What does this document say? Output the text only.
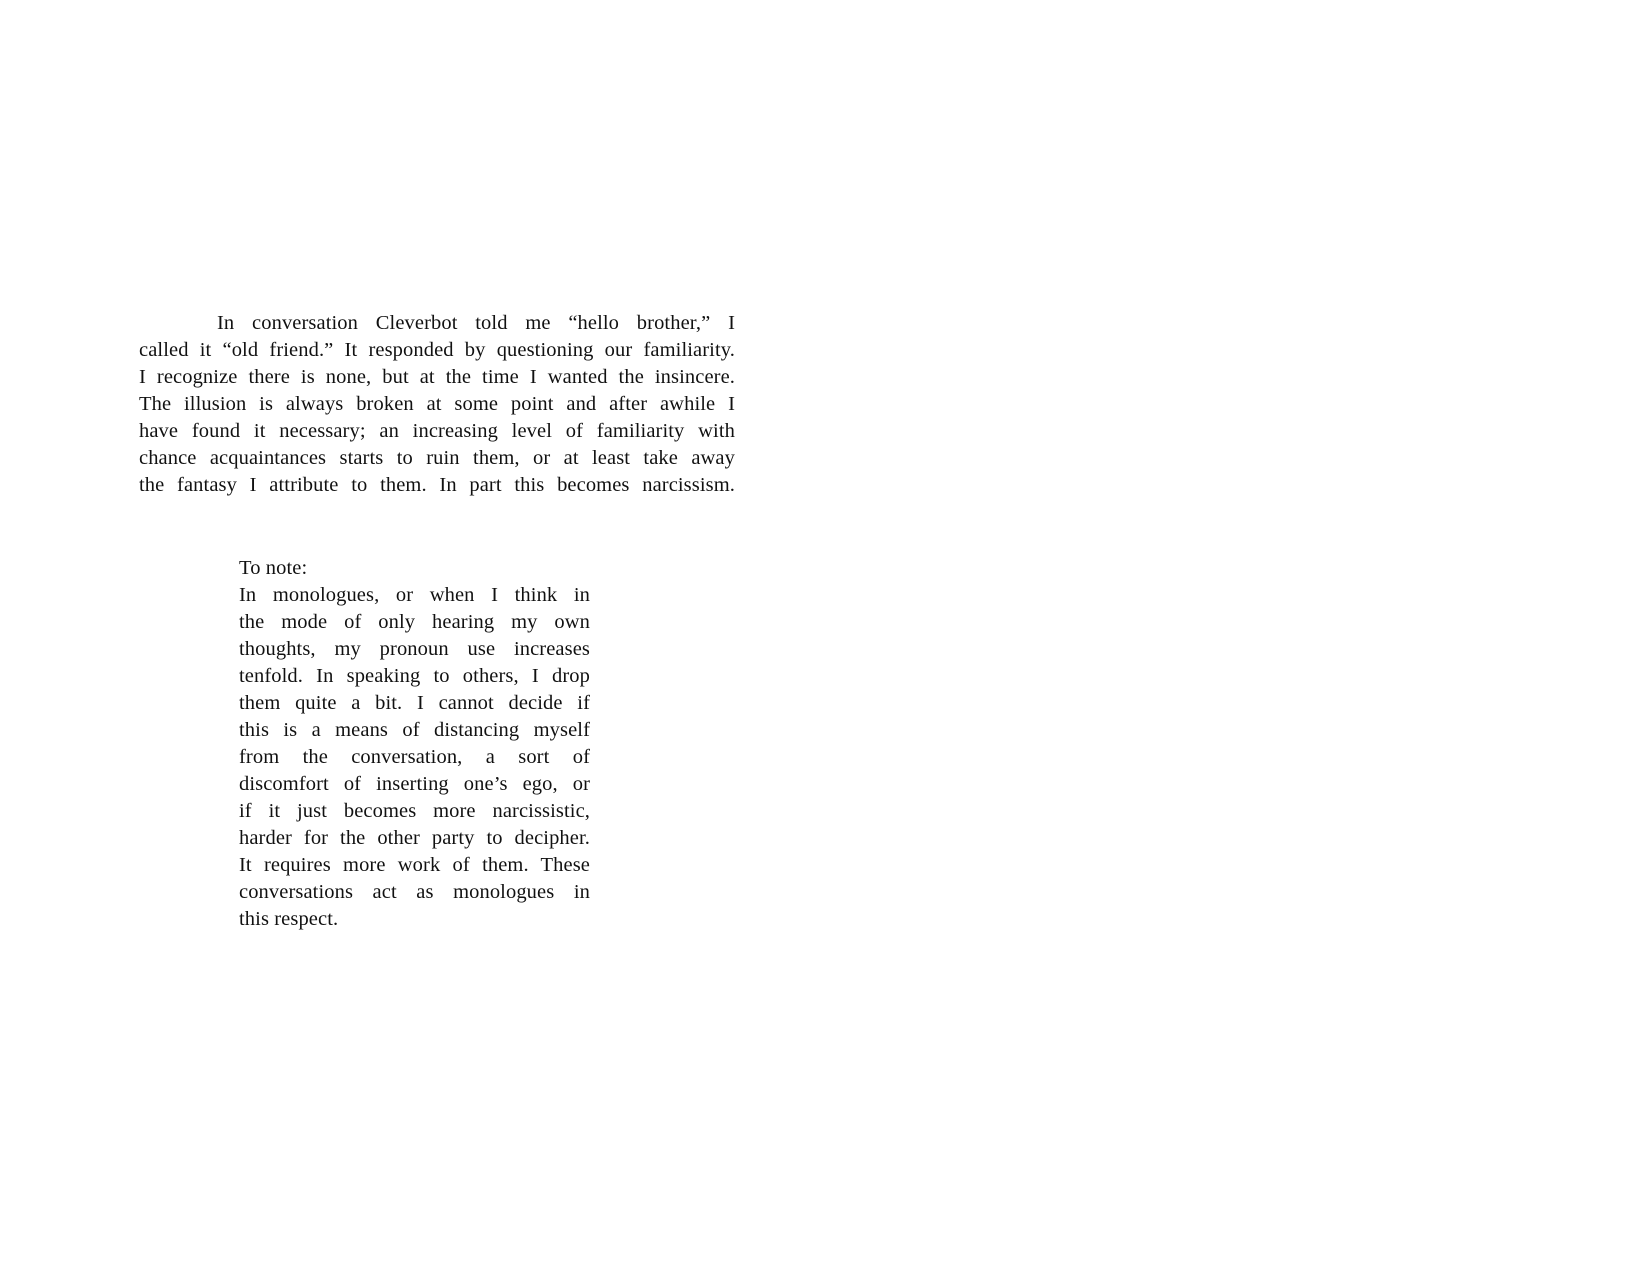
In conversation Cleverbot told me “hello brother,” I
called it “old friend.” It responded by questioning our familiarity.
I recognize there is none, but at the time I wanted the insincere.
The illusion is always broken at some point and after awhile I
have found it necessary; an increasing level of familiarity with
chance acquaintances starts to ruin them, or at least take away
the fantasy I attribute to them. In part this becomes narcissism.
To note:
In monologues, or when I think in
the mode of only hearing my own
thoughts, my pronoun use increases
tenfold. In speaking to others, I drop
them quite a bit. I cannot decide if
this is a means of distancing myself
from the conversation, a sort of
discomfort of inserting one’s ego, or
if it just becomes more narcissistic,
harder for the other party to decipher.
It requires more work of them. These
conversations act as monologues in
this respect.
